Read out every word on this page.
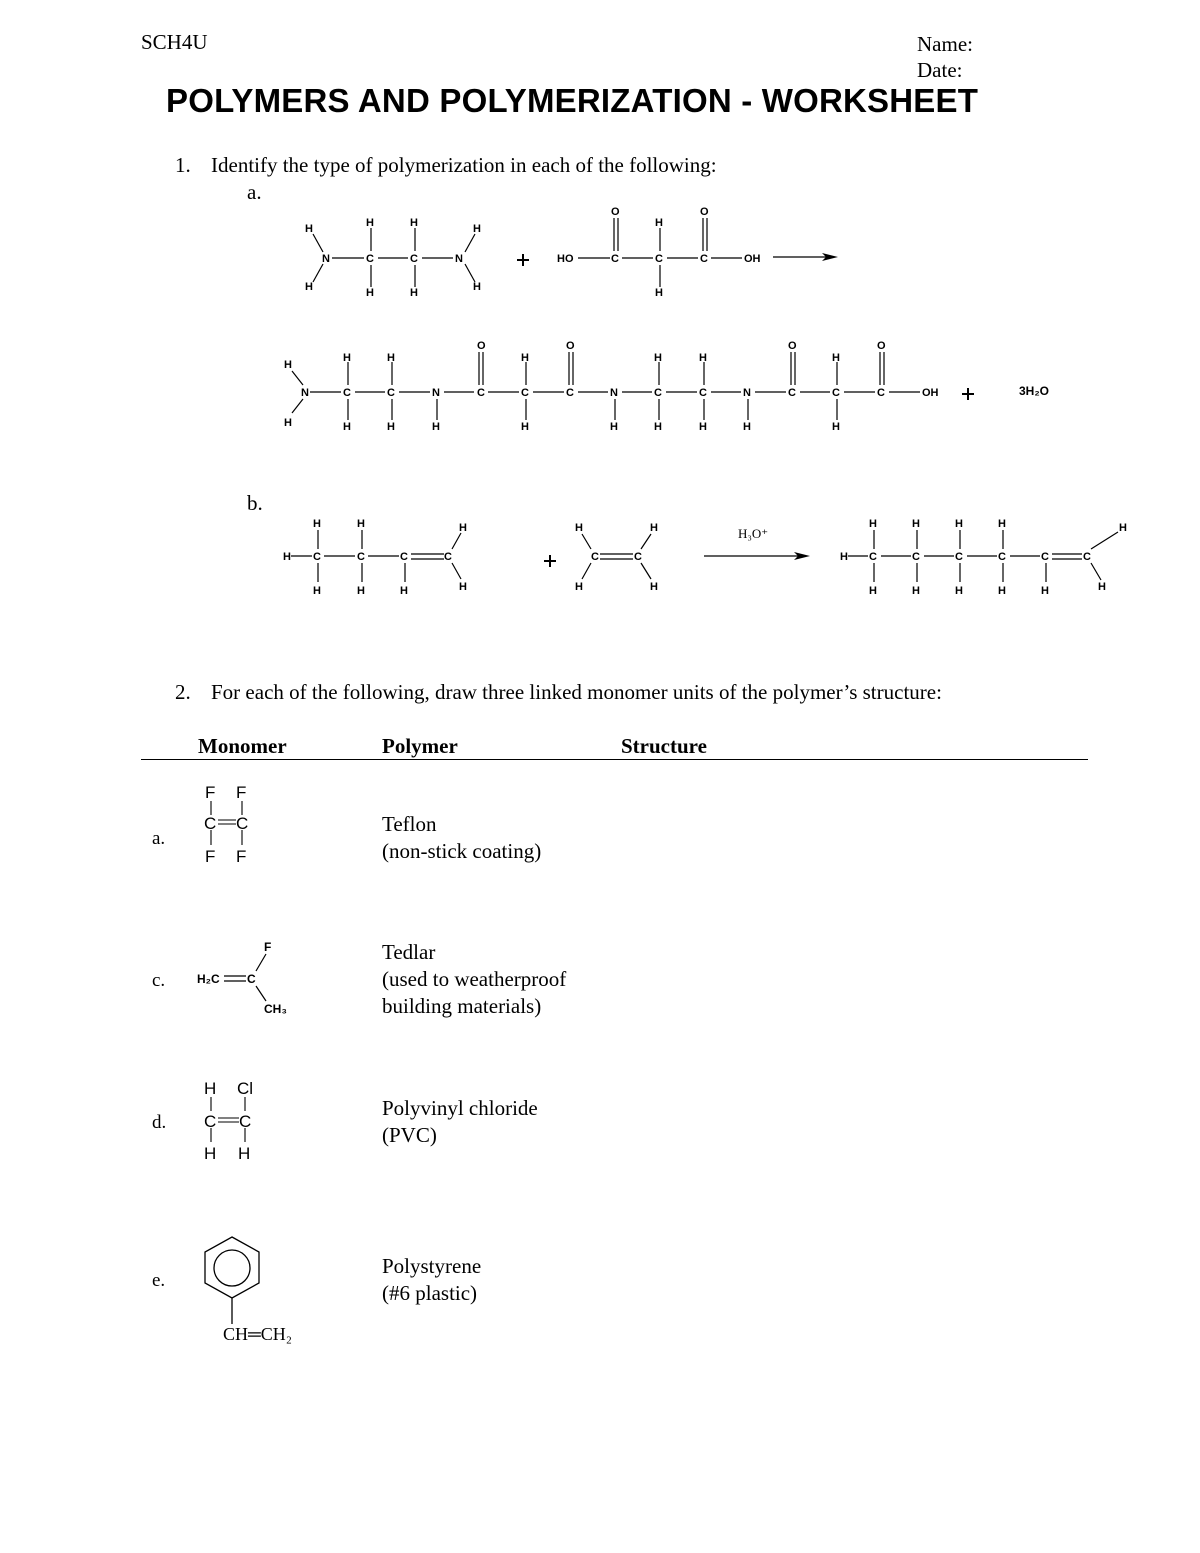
SCH4U	Name:
Date:
POLYMERS AND POLYMERIZATION - WORKSHEET
1. Identify the type of polymerization in each of the following:
a.
H
H
N
H
H
C
H
H
C	N
H
H
HO	C
O
H
C
H
C
O
OH
H
H
N
H
C
H
H
C
H
N
H
O
C
H
C
H
O
C	N
H
H
C
H
H
C
H
N
H
O
C
H
C
H
O
C	OH	3H₂O
b.
H
H
C
H
H
C
H
C
H
C
H
H
H
H
C	C
H
H
H
H
C
H
H
C
H
H
C
H
H
C
H
C
H
C
H
H
H₃O⁺
2. For each of the following, draw three linked monomer units of the polymer’s structure:
Monomer	Polymer	Structure
a.
F F
C C
F F
Teflon
(non-stick coating)
c.	H₂C C
F
CH₃
Tedlar
(used to weatherproof
building materials)
d.
H Cl
C C
H H
Polyvinyl chloride
(PVC)
e.
CH═CH₂
Polystyrene
(#6 plastic)
